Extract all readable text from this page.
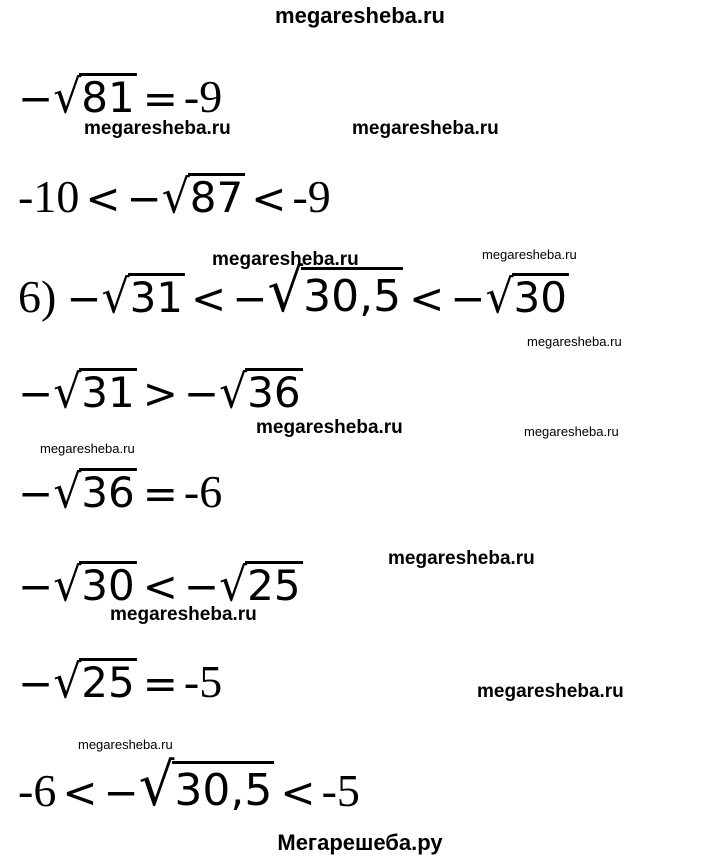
megaresheba.ru
megaresheba.ru	megaresheba.ru
megaresheba.ru	megaresheba.ru
megaresheba.ru
megaresheba.ru	megaresheba.ru
megaresheba.ru
megaresheba.ru
megaresheba.ru
megaresheba.ru
megaresheba.ru
Мегарешеба.ру
− √ 81 = -9
-10 < − √ 87 < -9
6) − √ 31 < − √ 30,5 < − √ 30
− √ 31 > − √ 36
− √ 36 = -6
− √ 30 < − √ 25
− √ 25 = -5
-6 < − √ 30,5 < -5
